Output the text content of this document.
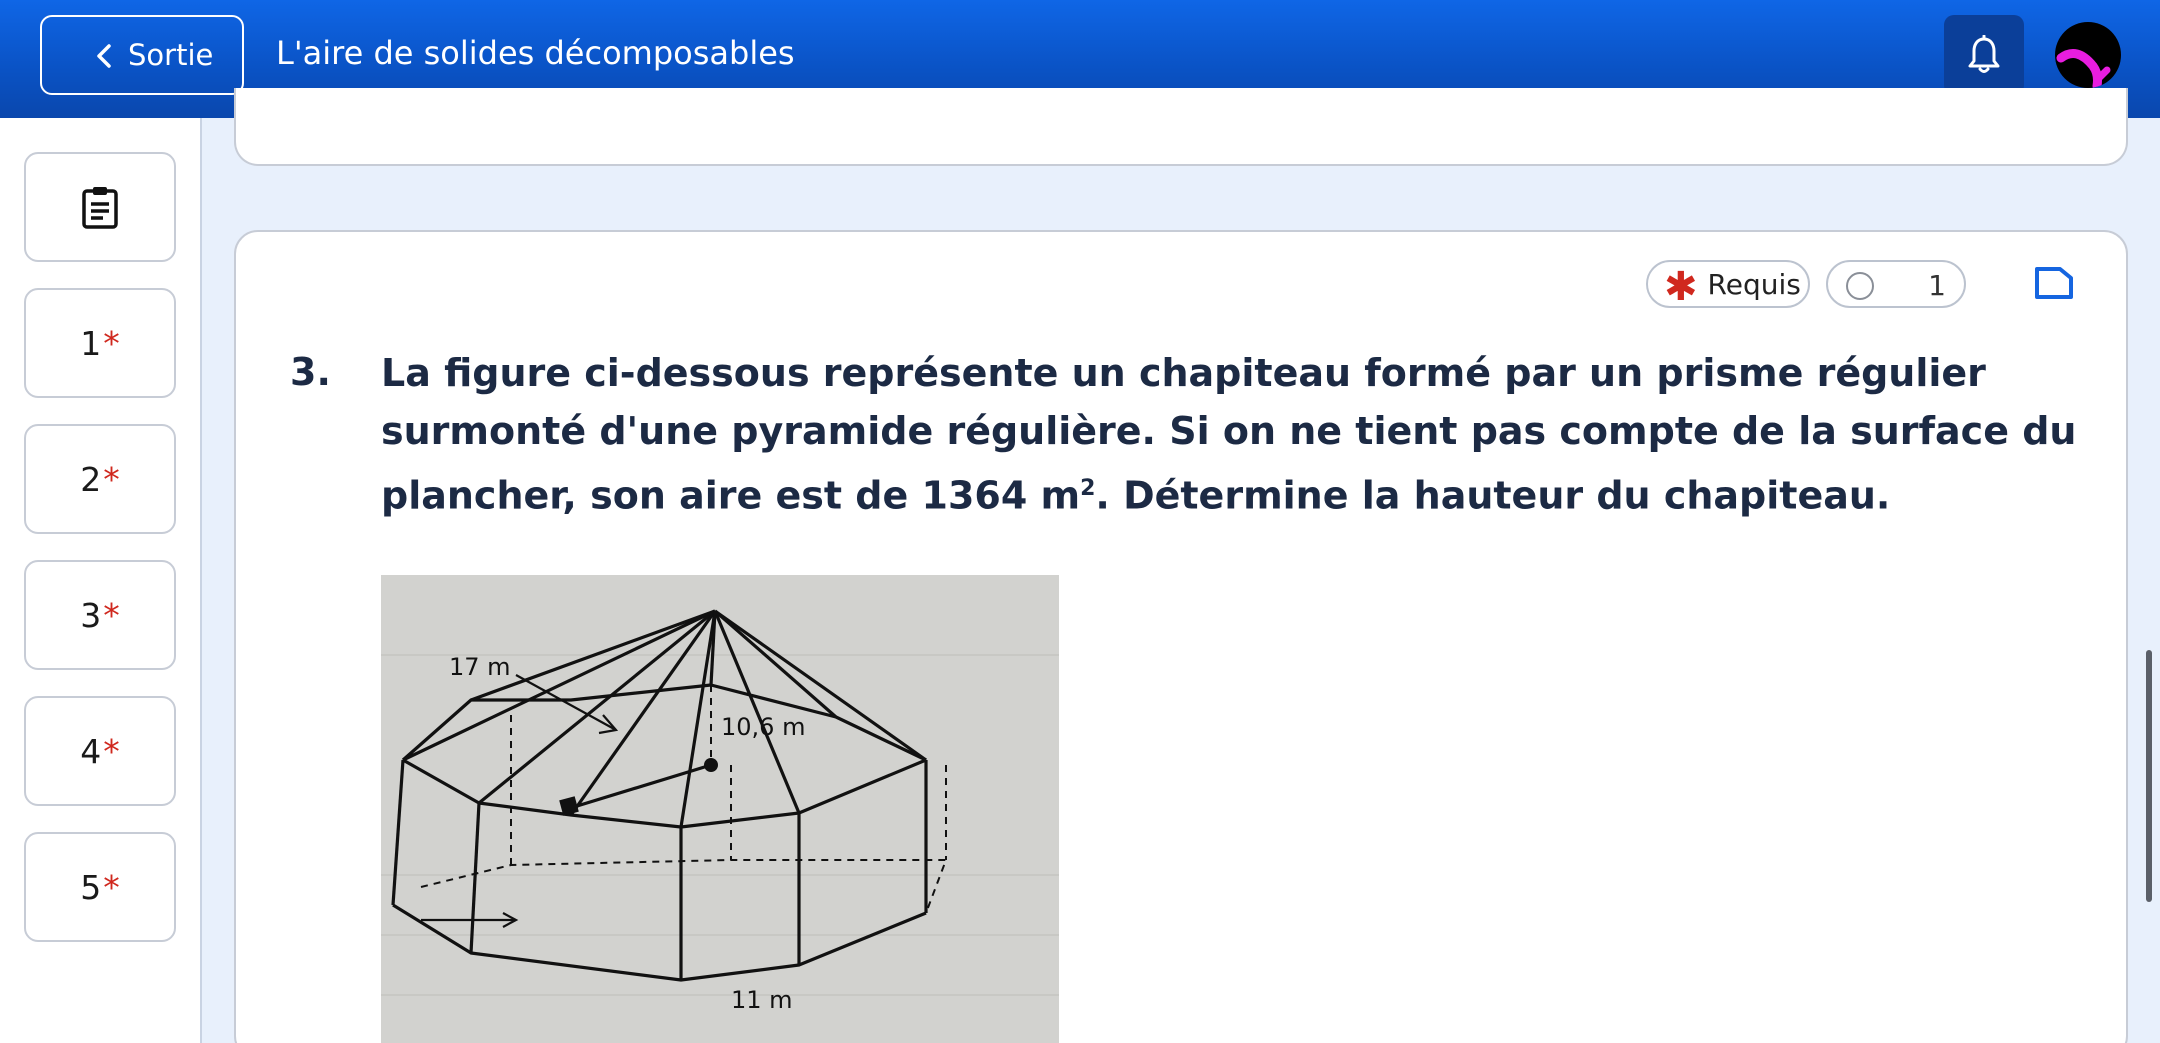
Sortie L'aire de solides décomposables
1 *
2 *
3 *
4 *
5 *
✱ Requis	1
3. La figure ci-dessous représente un chapiteau formé par un prisme régulier surmonté d'une pyramide régulière. Si on ne tient pas compte de la surface du plancher, son aire est de 1364 $m^2$. Détermine la hauteur du chapiteau.
17 m
10,6 m
11 m
